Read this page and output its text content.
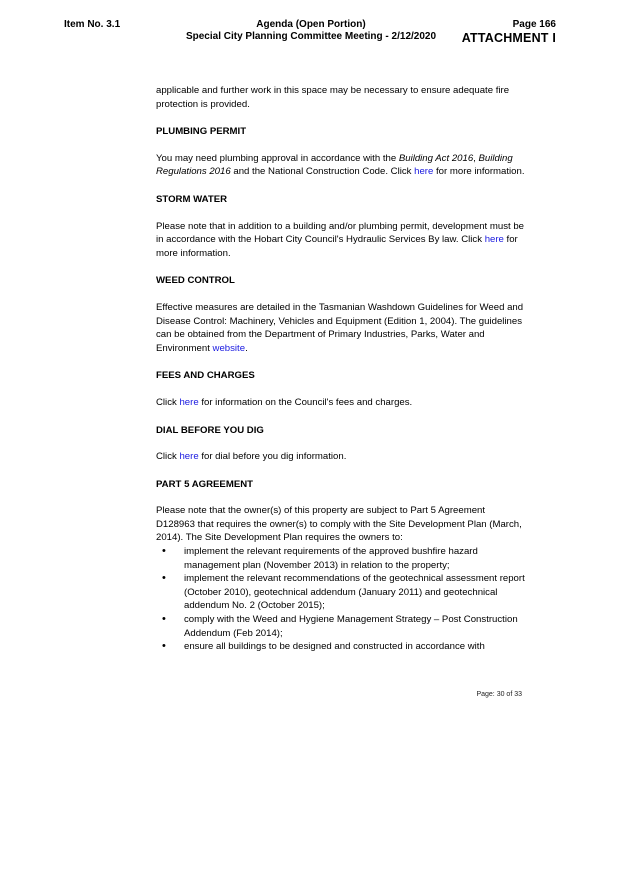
Item No. 3.1	Agenda (Open Portion)
Special City Planning Committee Meeting - 2/12/2020
Page 166
ATTACHMENT I

applicable and further work in this space may be necessary to ensure adequate fire protection is provided.

PLUMBING PERMIT

You may need plumbing approval in accordance with the Building Act 2016, Building Regulations 2016 and the National Construction Code. Click here for more information.

STORM WATER

Please note that in addition to a building and/or plumbing permit, development must be in accordance with the Hobart City Council's Hydraulic Services By law. Click here for more information.

WEED CONTROL

Effective measures are detailed in the Tasmanian Washdown Guidelines for Weed and Disease Control: Machinery, Vehicles and Equipment (Edition 1, 2004). The guidelines can be obtained from the Department of Primary Industries, Parks, Water and Environment website.

FEES AND CHARGES

Click here for information on the Council's fees and charges.

DIAL BEFORE YOU DIG

Click here for dial before you dig information.

PART 5 AGREEMENT

Please note that the owner(s) of this property are subject to Part 5 Agreement D128963 that requires the owner(s) to comply with the Site Development Plan (March, 2014). The Site Development Plan requires the owners to:

• implement the relevant requirements of the approved bushfire hazard management plan (November 2013) in relation to the property;
• implement the relevant recommendations of the geotechnical assessment report (October 2010), geotechnical addendum (January 2011) and geotechnical addendum No. 2 (October 2015);
• comply with the Weed and Hygiene Management Strategy – Post Construction Addendum (Feb 2014);
• ensure all buildings to be designed and constructed in accordance with
Page: 30 of 33
